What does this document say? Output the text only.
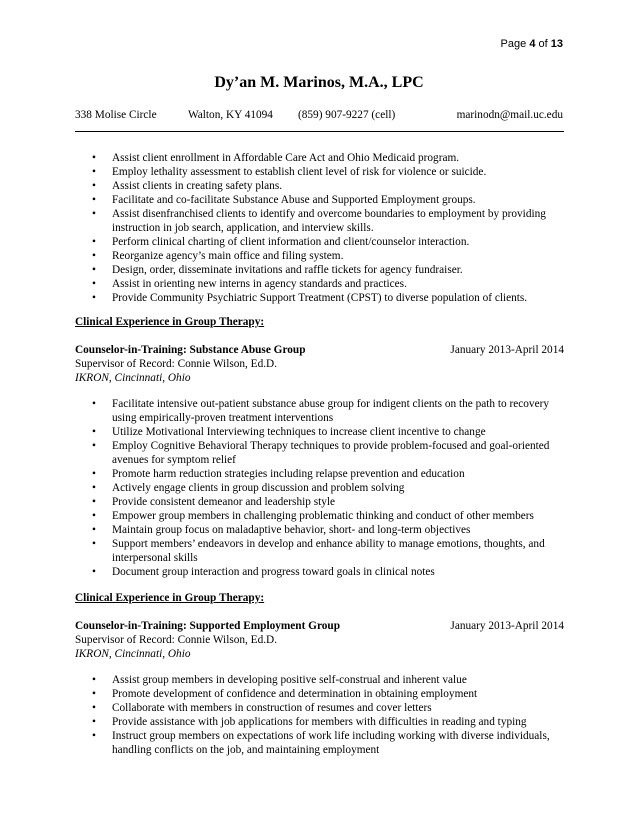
Page 4 of 13
Dy’an M. Marinos, M.A., LPC
338 Molise Circle	Walton, KY 41094 (859) 907-9227 (cell)	marinodn@mail.uc.edu
• Assist client enrollment in Affordable Care Act and Ohio Medicaid program.
• Employ lethality assessment to establish client level of risk for violence or suicide.
• Assist clients in creating safety plans.
• Facilitate and co-facilitate Substance Abuse and Supported Employment groups.
• Assist disenfranchised clients to identify and overcome boundaries to employment by providing instruction in job search, application, and interview skills.
• Perform clinical charting of client information and client/counselor interaction.
• Reorganize agency’s main office and filing system.
• Design, order, disseminate invitations and raffle tickets for agency fundraiser.
• Assist in orienting new interns in agency standards and practices.
• Provide Community Psychiatric Support Treatment (CPST) to diverse population of clients.
Clinical Experience in Group Therapy:
Counselor-in-Training: Substance Abuse Group	January 2013-April 2014
Supervisor of Record: Connie Wilson, Ed.D.
IKRON, Cincinnati, Ohio
• Facilitate intensive out-patient substance abuse group for indigent clients on the path to recovery using empirically-proven treatment interventions
• Utilize Motivational Interviewing techniques to increase client incentive to change
• Employ Cognitive Behavioral Therapy techniques to provide problem-focused and goal-oriented avenues for symptom relief
• Promote harm reduction strategies including relapse prevention and education
• Actively engage clients in group discussion and problem solving
• Provide consistent demeanor and leadership style
• Empower group members in challenging problematic thinking and conduct of other members
• Maintain group focus on maladaptive behavior, short- and long-term objectives
• Support members’ endeavors in develop and enhance ability to manage emotions, thoughts, and interpersonal skills
• Document group interaction and progress toward goals in clinical notes
Clinical Experience in Group Therapy:
Counselor-in-Training: Supported Employment Group	January 2013-April 2014
Supervisor of Record: Connie Wilson, Ed.D.
IKRON, Cincinnati, Ohio
• Assist group members in developing positive self-construal and inherent value
• Promote development of confidence and determination in obtaining employment
• Collaborate with members in construction of resumes and cover letters
• Provide assistance with job applications for members with difficulties in reading and typing
• Instruct group members on expectations of work life including working with diverse individuals, handling conflicts on the job, and maintaining employment
